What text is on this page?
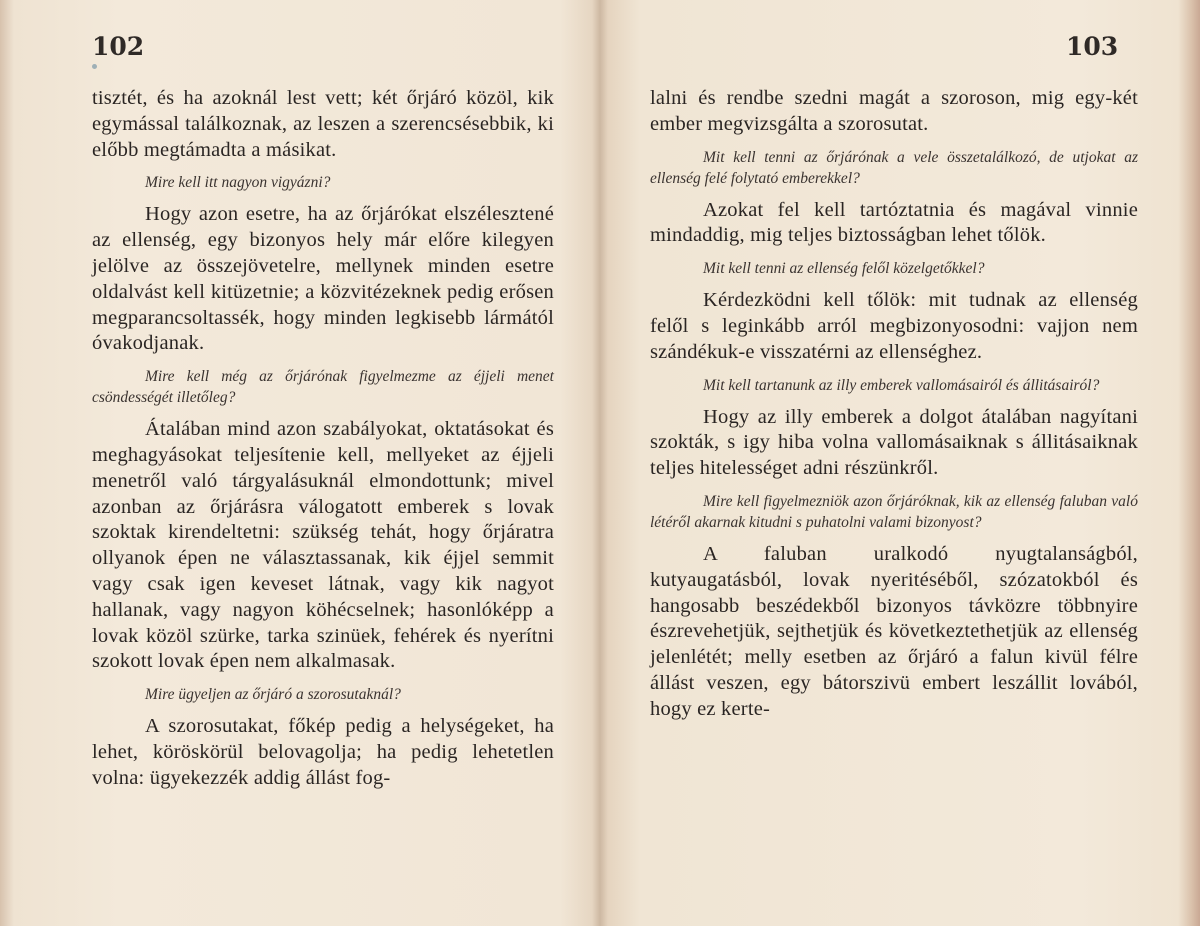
102

tisztét, és ha azoknál lest vett; két őrjáró közöl, kik egymással találkoznak, az leszen a szerencsésebbik, ki előbb megtámadta a másikat.

Mire kell itt nagyon vigyázni?

Hogy azon esetre, ha az őrjárókat elszélesztené az ellenség, egy bizonyos hely már előre kilegyen jelölve az összejövetelre, mellynek minden esetre oldalvást kell kitüzetnie; a közvitézeknek pedig erősen megparancsoltassék, hogy minden legkisebb lármától óvakodjanak.

Mire kell még az őrjárónak figyelmezme az éjjeli menet csöndességét illetőleg?

Átalában mind azon szabályokat, oktatásokat és meghagyásokat teljesítenie kell, mellyeket az éjjeli menetről való tárgyalásuknál elmondottunk; mivel azonban az őrjárásra válogatott emberek s lovak szoktak kirendeltetni: szükség tehát, hogy őrjáratra ollyanok épen ne választassanak, kik éjjel semmit vagy csak igen keveset látnak, vagy kik nagyot hallanak, vagy nagyon köhécselnek; hasonlóképp a lovak közöl szürke, tarka szinüek, fehérek és nyerítni szokott lovak épen nem alkalmasak.

Mire ügyeljen az őrjáró a szorosutaknál?

A szorosutakat, főkép pedig a helységeket, ha lehet, köröskörül belovagolja; ha pedig lehetetlen volna: ügyekezzék addig állást fog-

103

lalni és rendbe szedni magát a szoroson, mig egy-két ember megvizsgálta a szorosutat.

Mit kell tenni az őrjárónak a vele összetalálkozó, de utjokat az ellenség felé folytató emberekkel?

Azokat fel kell tartóztatnia és magával vinnie mindaddig, mig teljes biztosságban lehet tőlök.

Mit kell tenni az ellenség felől közelgetőkkel?

Kérdezködni kell tőlök: mit tudnak az ellenség felől s leginkább arról megbizonyosodni: vajjon nem szándékuk-e visszatérni az ellenséghez.

Mit kell tartanunk az illy emberek vallomásairól és állitásairól?

Hogy az illy emberek a dolgot átalában nagyítani szokták, s igy hiba volna vallomásaiknak s állitásaiknak teljes hitelességet adni részünkről.

Mire kell figyelmezniök azon őrjáróknak, kik az ellenség faluban való létéről akarnak kitudni s puhatolni valami bizonyost?

A faluban uralkodó nyugtalanságból, kutyaugatásból, lovak nyeritéséből, szózatokból és hangosabb beszédekből bizonyos távközre többnyire észrevehetjük, sejthetjük és következtethetjük az ellenség jelenlétét; melly esetben az őrjáró a falun kivül félre állást veszen, egy bátorszivü embert leszállit lovából, hogy ez kerte-
